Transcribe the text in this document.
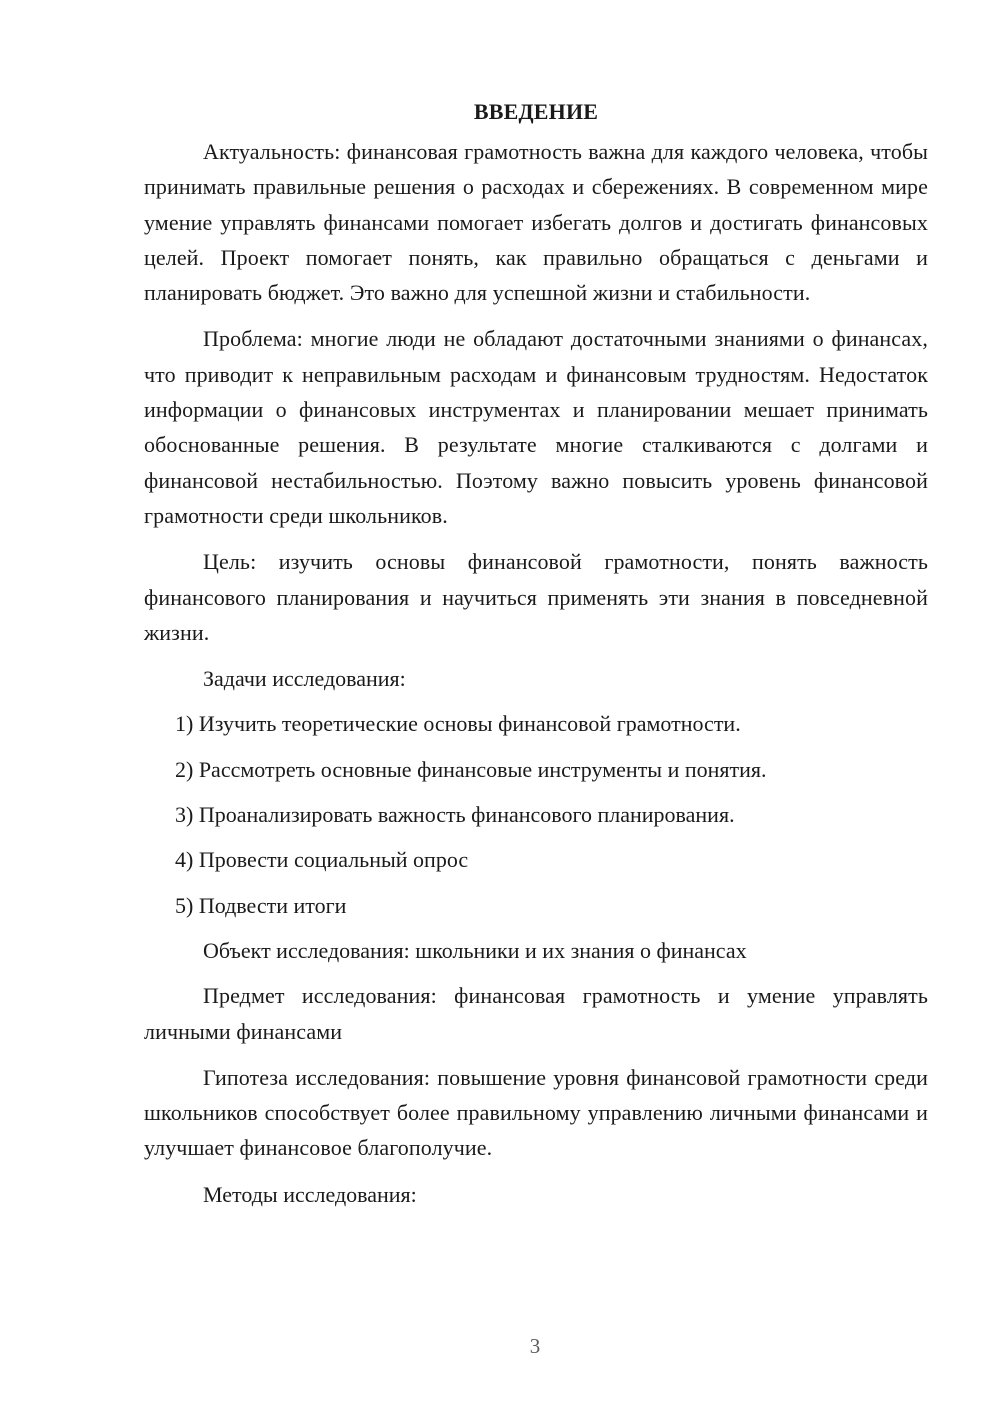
ВВЕДЕНИЕ

Актуальность: финансовая грамотность важна для каждого человека, чтобы принимать правильные решения о расходах и сбережениях. В современном мире умение управлять финансами помогает избегать долгов и достигать финансовых целей. Проект помогает понять, как правильно обращаться с деньгами и планировать бюджет. Это важно для успешной жизни и стабильности.

Проблема: многие люди не обладают достаточными знаниями о финансах, что приводит к неправильным расходам и финансовым трудностям. Недостаток информации о финансовых инструментах и планировании мешает принимать обоснованные решения. В результате многие сталкиваются с долгами и финансовой нестабильностью. Поэтому важно повысить уровень финансовой грамотности среди школьников.

Цель: изучить основы финансовой грамотности, понять важность финансового планирования и научиться применять эти знания в повседневной жизни.

Задачи исследования:

1) Изучить теоретические основы финансовой грамотности.

2) Рассмотреть основные финансовые инструменты и понятия.

3) Проанализировать важность финансового планирования.

4) Провести социальный опрос

5) Подвести итоги

Объект исследования: школьники и их знания о финансах

Предмет исследования: финансовая грамотность и умение управлять личными финансами

Гипотеза исследования: повышение уровня финансовой грамотности среди школьников способствует более правильному управлению личными финансами и улучшает финансовое благополучие.

Методы исследования:

3
